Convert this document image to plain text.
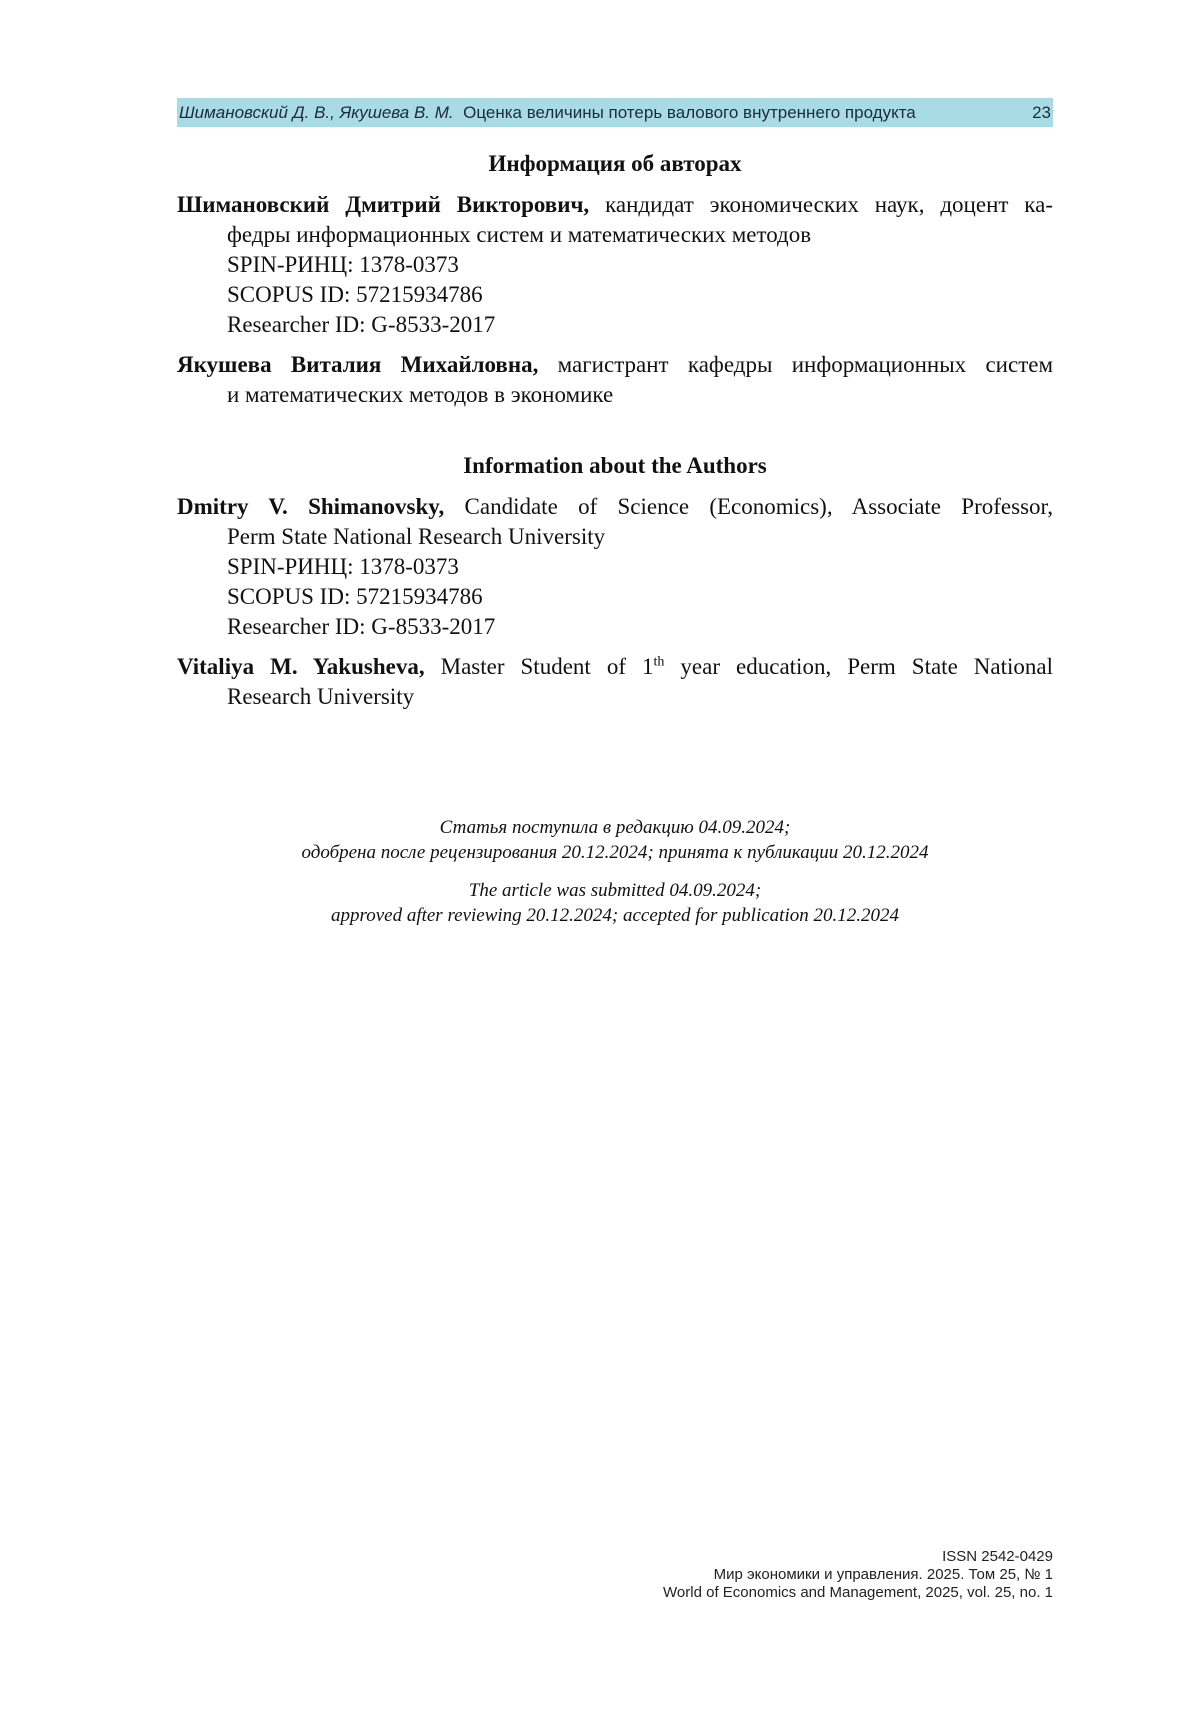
Шимановский Д. В., Якушева В. М. Оценка величины потерь валового внутреннего продукта	23
Информация об авторах
Шимановский Дмитрий Викторович, кандидат экономических наук, доцент ка-
федры информационных систем и математических методов
SPIN-РИНЦ: 1378-0373
SCOPUS ID: 57215934786
Researcher ID: G-8533-2017
Якушева Виталия Михайловна, магистрант кафедры информационных систем
и математических методов в экономике
Information about the Authors
Dmitry V. Shimanovsky, Candidate of Science (Economics), Associate Professor,
Perm State National Research University
SPIN-РИНЦ: 1378-0373
SCOPUS ID: 57215934786
Researcher ID: G-8533-2017
Vitaliya M. Yakusheva, Master Student of 1th year education, Perm State National
Research University

Статья поступила в редакцию 04.09.2024;

одобрена после рецензирования 20.12.2024; принята к публикации 20.12.2024

The article was submitted 04.09.2024;

approved after reviewing 20.12.2024; accepted for publication 20.12.2024

ISSN 2542-0429
Мир экономики и управления. 2025. Том 25, № 1
World of Economics and Management, 2025, vol. 25, no. 1
